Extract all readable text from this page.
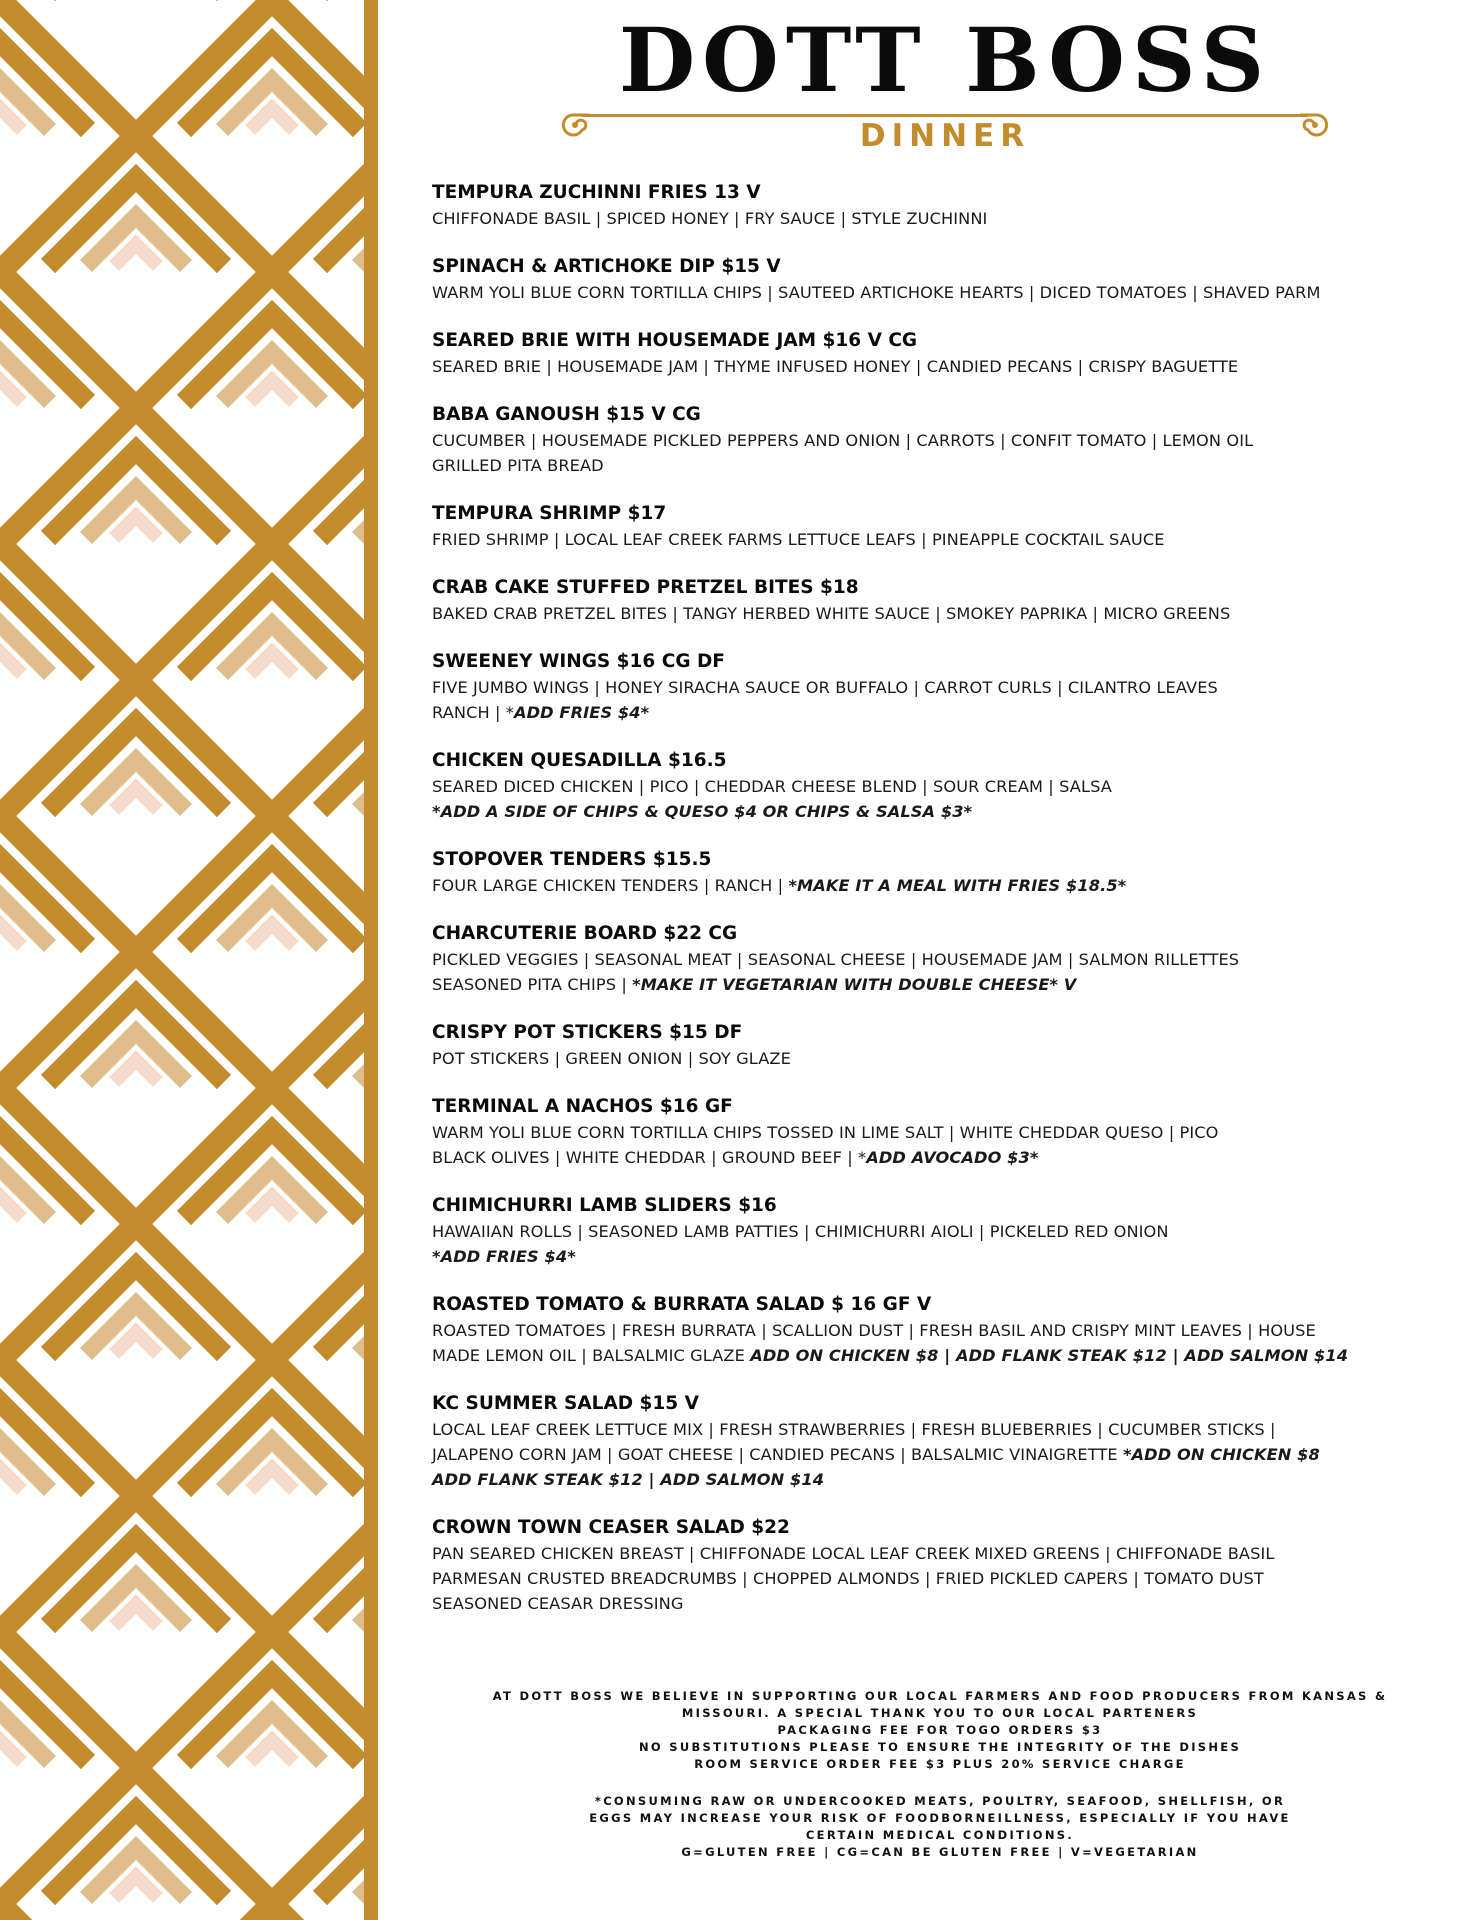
DOTT BOSS
DINNER
TEMPURA ZUCHINNI FRIES 13 V
CHIFFONADE BASIL | SPICED HONEY | FRY SAUCE | STYLE ZUCHINNI
SPINACH & ARTICHOKE DIP $15 V
WARM YOLI BLUE CORN TORTILLA CHIPS | SAUTEED ARTICHOKE HEARTS | DICED TOMATOES | SHAVED PARM
SEARED BRIE WITH HOUSEMADE JAM $16 V CG
SEARED BRIE | HOUSEMADE JAM | THYME INFUSED HONEY | CANDIED PECANS | CRISPY BAGUETTE
BABA GANOUSH $15 V CG
CUCUMBER | HOUSEMADE PICKLED PEPPERS AND ONION | CARROTS | CONFIT TOMATO | LEMON OIL
GRILLED PITA BREAD
TEMPURA SHRIMP $17
FRIED SHRIMP | LOCAL LEAF CREEK FARMS LETTUCE LEAFS | PINEAPPLE COCKTAIL SAUCE
CRAB CAKE STUFFED PRETZEL BITES $18
BAKED CRAB PRETZEL BITES | TANGY HERBED WHITE SAUCE | SMOKEY PAPRIKA | MICRO GREENS
SWEENEY WINGS $16 CG DF
FIVE JUMBO WINGS | HONEY SIRACHA SAUCE OR BUFFALO | CARROT CURLS | CILANTRO LEAVES
RANCH | *ADD FRIES $4*
CHICKEN QUESADILLA $16.5
SEARED DICED CHICKEN | PICO | CHEDDAR CHEESE BLEND | SOUR CREAM | SALSA
*ADD A SIDE OF CHIPS & QUESO $4 OR CHIPS & SALSA $3*
STOPOVER TENDERS $15.5
FOUR LARGE CHICKEN TENDERS | RANCH | *MAKE IT A MEAL WITH FRIES $18.5*
CHARCUTERIE BOARD $22 CG
PICKLED VEGGIES | SEASONAL MEAT | SEASONAL CHEESE | HOUSEMADE JAM | SALMON RILLETTES
SEASONED PITA CHIPS | *MAKE IT VEGETARIAN WITH DOUBLE CHEESE* V
CRISPY POT STICKERS $15 DF
POT STICKERS | GREEN ONION | SOY GLAZE
TERMINAL A NACHOS $16 GF
WARM YOLI BLUE CORN TORTILLA CHIPS TOSSED IN LIME SALT | WHITE CHEDDAR QUESO | PICO
BLACK OLIVES | WHITE CHEDDAR | GROUND BEEF | *ADD AVOCADO $3*
CHIMICHURRI LAMB SLIDERS $16
HAWAIIAN ROLLS | SEASONED LAMB PATTIES | CHIMICHURRI AIOLI | PICKELED RED ONION
*ADD FRIES $4*
ROASTED TOMATO & BURRATA SALAD $ 16 GF V
ROASTED TOMATOES | FRESH BURRATA | SCALLION DUST | FRESH BASIL AND CRISPY MINT LEAVES | HOUSE
MADE LEMON OIL | BALSALMIC GLAZE ADD ON CHICKEN $8 | ADD FLANK STEAK $12 | ADD SALMON $14
KC SUMMER SALAD $15 V
LOCAL LEAF CREEK LETTUCE MIX | FRESH STRAWBERRIES | FRESH BLUEBERRIES | CUCUMBER STICKS |
JALAPENO CORN JAM | GOAT CHEESE | CANDIED PECANS | BALSALMIC VINAIGRETTE *ADD ON CHICKEN $8
ADD FLANK STEAK $12 | ADD SALMON $14
CROWN TOWN CEASER SALAD $22
PAN SEARED CHICKEN BREAST | CHIFFONADE LOCAL LEAF CREEK MIXED GREENS | CHIFFONADE BASIL
PARMESAN CRUSTED BREADCRUMBS | CHOPPED ALMONDS | FRIED PICKLED CAPERS | TOMATO DUST
SEASONED CEASAR DRESSING
AT DOTT BOSS WE BELIEVE IN SUPPORTING OUR LOCAL FARMERS AND FOOD PRODUCERS FROM KANSAS &
MISSOURI. A SPECIAL THANK YOU TO OUR LOCAL PARTENERS
PACKAGING FEE FOR TOGO ORDERS $3
NO SUBSTITUTIONS PLEASE TO ENSURE THE INTEGRITY OF THE DISHES
ROOM SERVICE ORDER FEE $3 PLUS 20% SERVICE CHARGE
*CONSUMING RAW OR UNDERCOOKED MEATS, POULTRY, SEAFOOD, SHELLFISH, OR
EGGS MAY INCREASE YOUR RISK OF FOODBORNEILLNESS, ESPECIALLY IF YOU HAVE
CERTAIN MEDICAL CONDITIONS.
G=GLUTEN FREE | CG=CAN BE GLUTEN FREE | V=VEGETARIAN
